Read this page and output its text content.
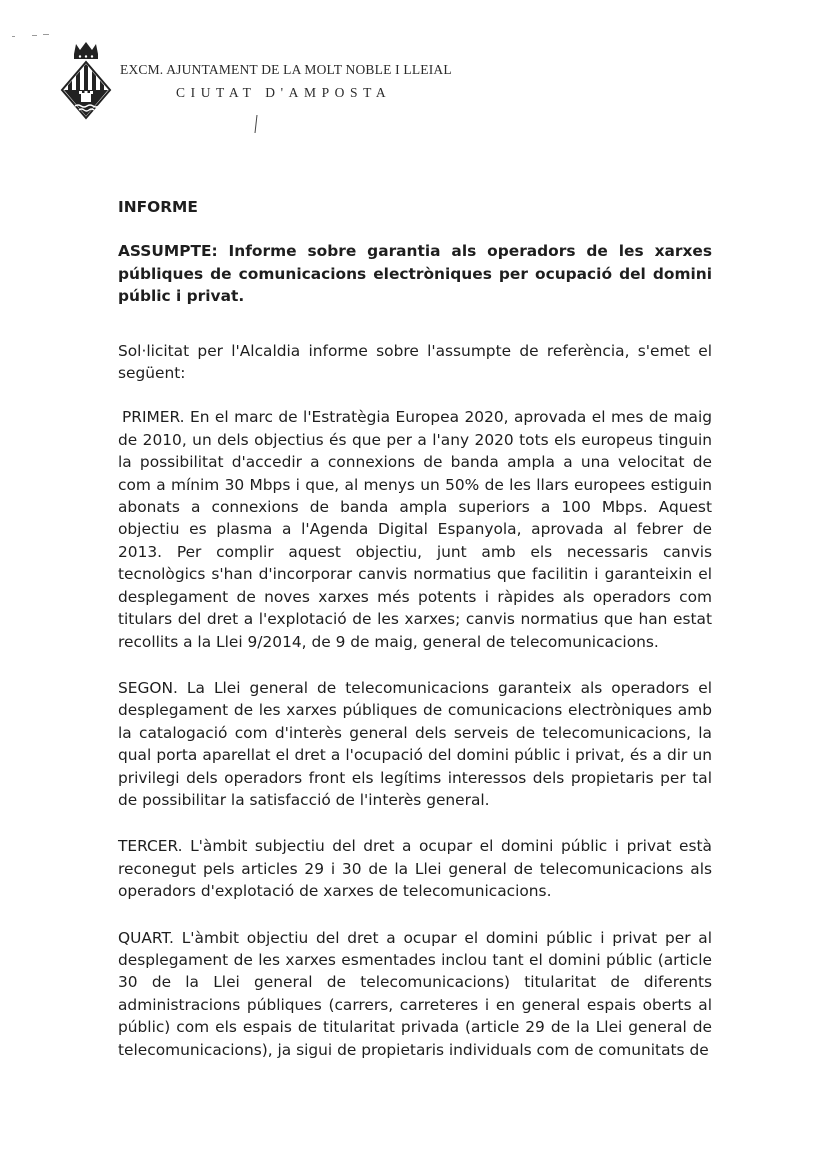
EXCM. AJUNTAMENT DE LA MOLT NOBLE I LLEIAL
CIUTAT D'AMPOSTA
INFORME
ASSUMPTE: Informe sobre garantia als operadors de les xarxes públiques de comunicacions electròniques per ocupació del domini públic i privat.
Sol·licitat per l'Alcaldia informe sobre l'assumpte de referència, s'emet el següent:
PRIMER. En el marc de l'Estratègia Europea 2020, aprovada el mes de maig de 2010, un dels objectius és que per a l'any 2020 tots els europeus tinguin la possibilitat d'accedir a connexions de banda ampla a una velocitat de com a mínim 30 Mbps i que, al menys un 50% de les llars europees estiguin abonats a connexions de banda ampla superiors a 100 Mbps. Aquest objectiu es plasma a l'Agenda Digital Espanyola, aprovada al febrer de 2013. Per complir aquest objectiu, junt amb els necessaris canvis tecnològics s'han d'incorporar canvis normatius que facilitin i garanteixin el desplegament de noves xarxes més potents i ràpides als operadors com titulars del dret a l'explotació de les xarxes; canvis normatius que han estat recollits a la Llei 9/2014, de 9 de maig, general de telecomunicacions.
SEGON. La Llei general de telecomunicacions garanteix als operadors el desplegament de les xarxes públiques de comunicacions electròniques amb la catalogació com d'interès general dels serveis de telecomunicacions, la qual porta aparellat el dret a l'ocupació del domini públic i privat, és a dir un privilegi dels operadors front els legítims interessos dels propietaris per tal de possibilitar la satisfacció de l'interès general.
TERCER. L'àmbit subjectiu del dret a ocupar el domini públic i privat està reconegut pels articles 29 i 30 de la Llei general de telecomunicacions als operadors d'explotació de xarxes de telecomunicacions.
QUART. L'àmbit objectiu del dret a ocupar el domini públic i privat per al desplegament de les xarxes esmentades inclou tant el domini públic (article 30 de la Llei general de telecomunicacions) titularitat de diferents administracions públiques (carrers, carreteres i en general espais oberts al públic) com els espais de titularitat privada (article 29 de la Llei general de telecomunicacions), ja sigui de propietaris individuals com de comunitats de
